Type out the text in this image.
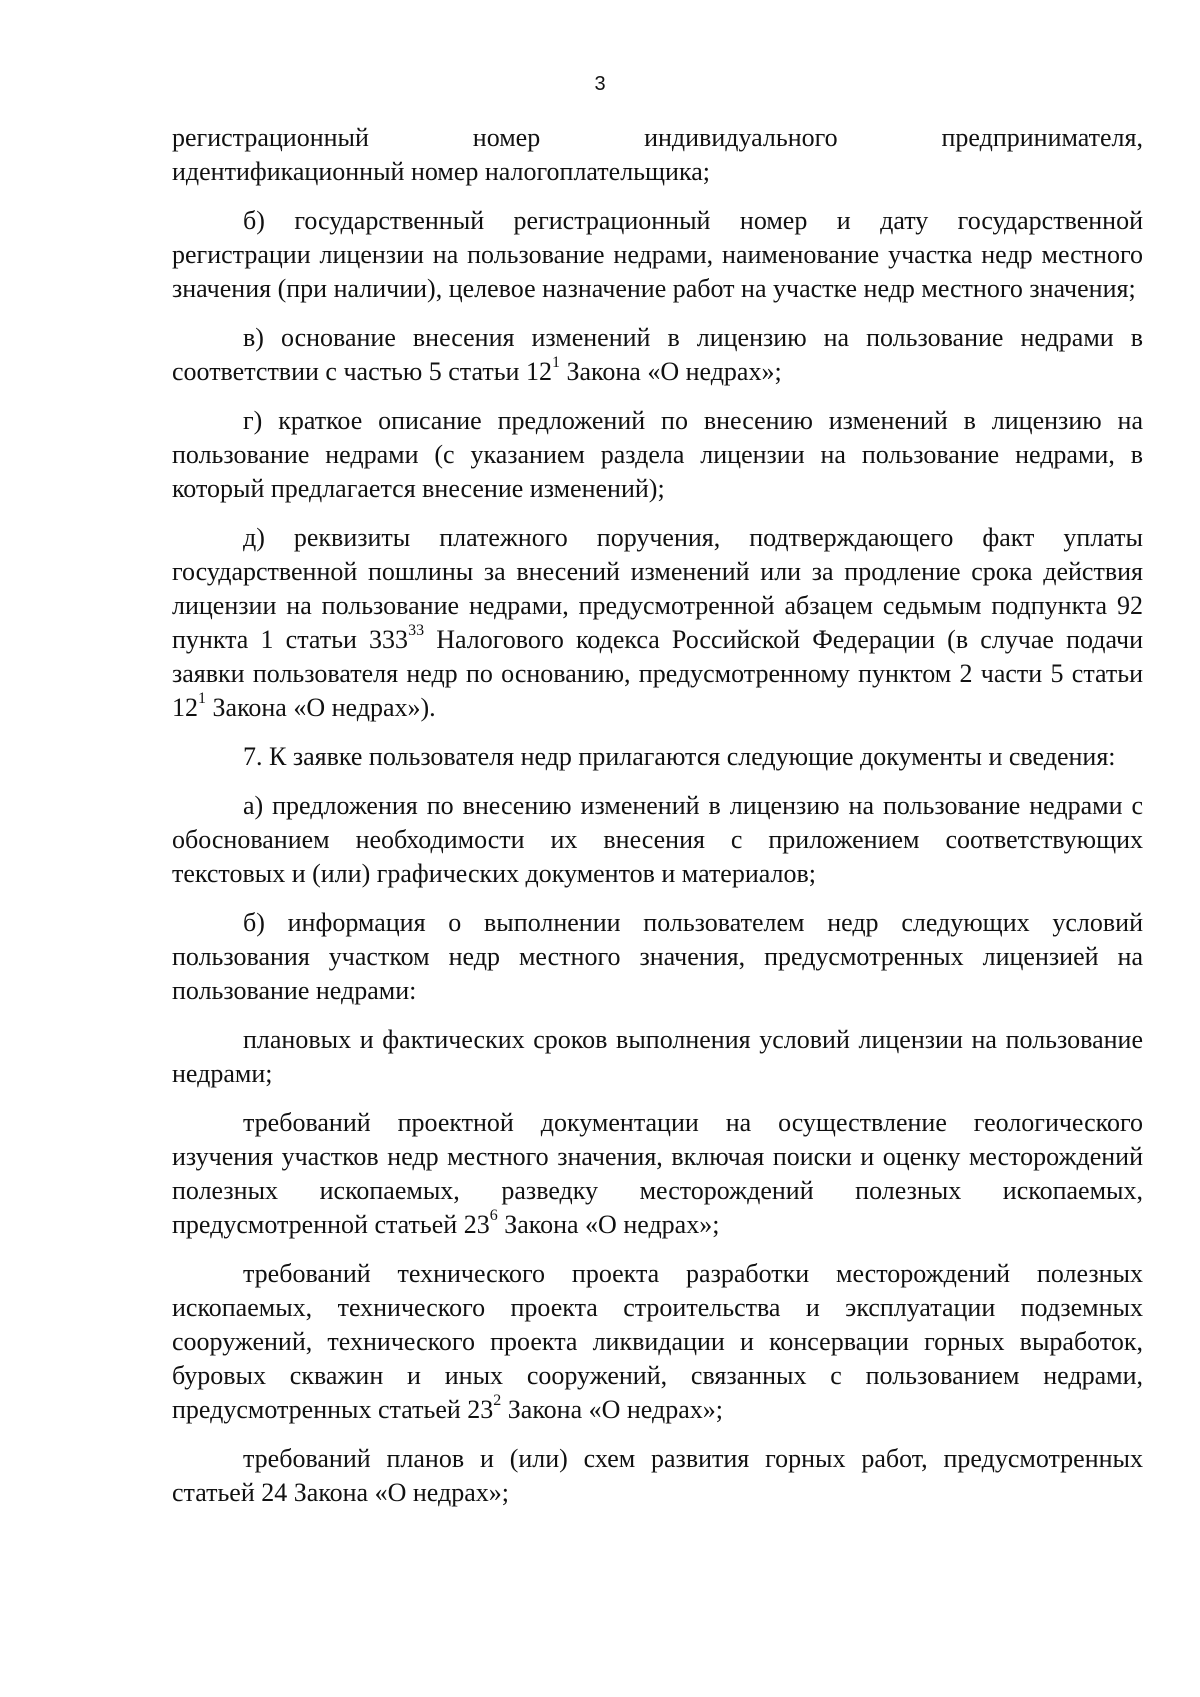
3
регистрационный номер индивидуального предпринимателя,
идентификационный номер налогоплательщика;

б) государственный регистрационный номер и дату государственной регистрации лицензии на пользование недрами, наименование участка недр местного значения (при наличии), целевое назначение работ на участке недр местного значения;

в) основание внесения изменений в лицензию на пользование недрами в соответствии с частью 5 статьи $12^1$ Закона «О недрах»;

г) краткое описание предложений по внесению изменений в лицензию на пользование недрами (с указанием раздела лицензии на пользование недрами, в который предлагается внесение изменений);

д) реквизиты платежного поручения, подтверждающего факт уплаты государственной пошлины за внесений изменений или за продление срока действия лицензии на пользование недрами, предусмотренной абзацем седьмым подпункта 92 пункта 1 статьи $333^{33}$ Налогового кодекса Российской Федерации (в случае подачи заявки пользователя недр по основанию, предусмотренному пунктом 2 части 5 статьи $12^1$ Закона «О недрах»).

7. К заявке пользователя недр прилагаются следующие документы и сведения:

а) предложения по внесению изменений в лицензию на пользование недрами с обоснованием необходимости их внесения с приложением соответствующих текстовых и (или) графических документов и материалов;

б) информация о выполнении пользователем недр следующих условий пользования участком недр местного значения, предусмотренных лицензией на пользование недрами:

плановых и фактических сроков выполнения условий лицензии на пользование недрами;

требований проектной документации на осуществление геологического изучения участков недр местного значения, включая поиски и оценку месторождений полезных ископаемых, разведку месторождений полезных ископаемых, предусмотренной статьей $23^6$ Закона «О недрах»;

требований технического проекта разработки месторождений полезных ископаемых, технического проекта строительства и эксплуатации подземных сооружений, технического проекта ликвидации и консервации горных выработок, буровых скважин и иных сооружений, связанных с пользованием недрами, предусмотренных статьей $23^2$ Закона «О недрах»;

требований планов и (или) схем развития горных работ, предусмотренных статьей 24 Закона «О недрах»;
